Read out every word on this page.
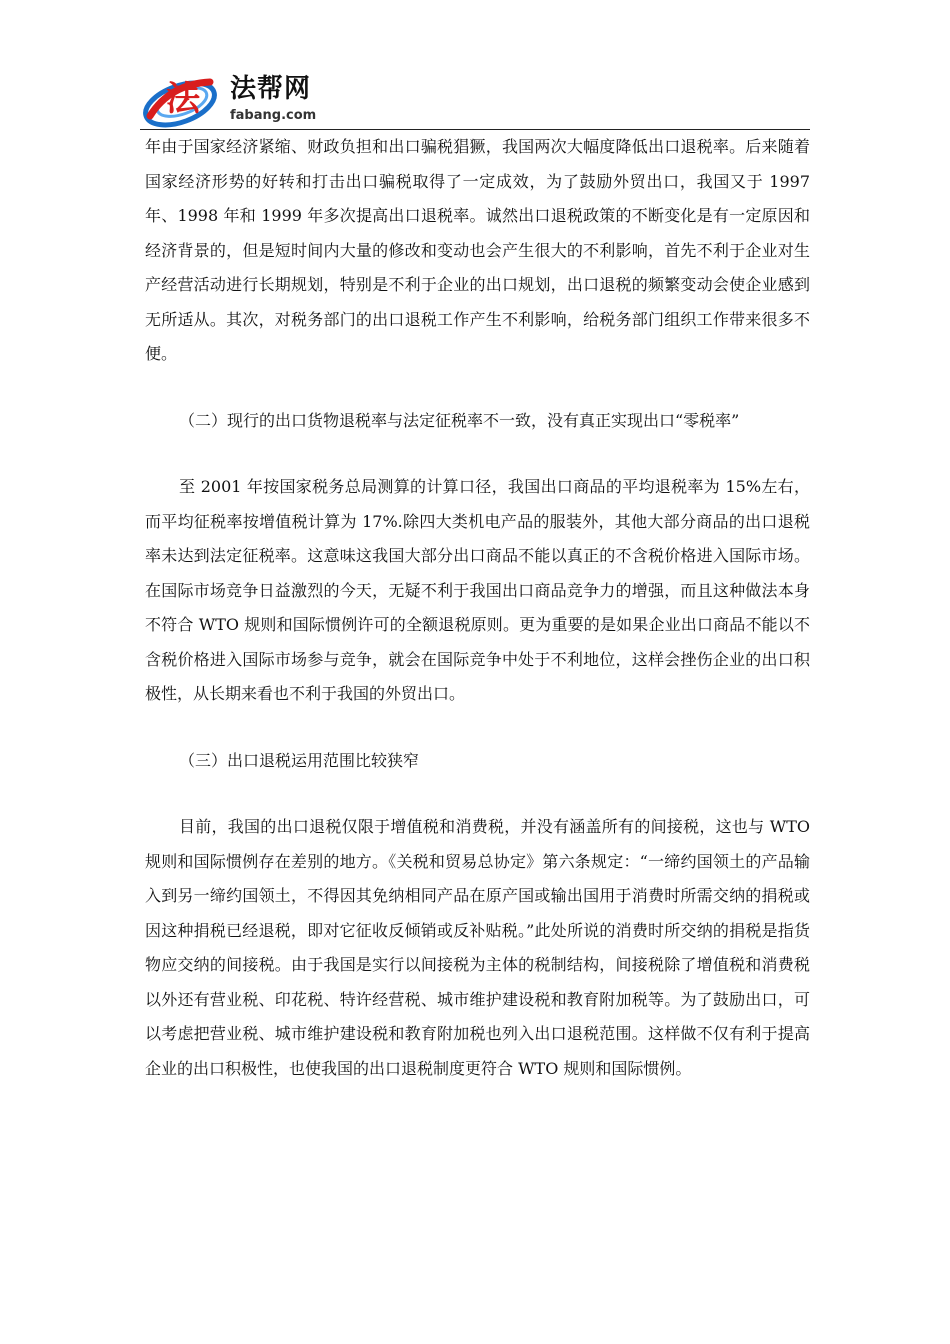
法 法帮网
fabang.com

年由于国家经济紧缩、财政负担和出口骗税猖獗，我国两次大幅度降低出口退税率。后来随着国家经济形势的好转和打击出口骗税取得了一定成效，为了鼓励外贸出口，我国又于 1997 年、1998 年和 1999 年多次提高出口退税率。诚然出口退税政策的不断变化是有一定原因和经济背景的，但是短时间内大量的修改和变动也会产生很大的不利影响，首先不利于企业对生产经营活动进行长期规划，特别是不利于企业的出口规划，出口退税的频繁变动会使企业感到无所适从。其次，对税务部门的出口退税工作产生不利影响，给税务部门组织工作带来很多不便。

（二）现行的出口货物退税率与法定征税率不一致，没有真正实现出口“零税率”

至 2001 年按国家税务总局测算的计算口径，我国出口商品的平均退税率为 15%左右，而平均征税率按增值税计算为 17%.除四大类机电产品的服装外，其他大部分商品的出口退税率未达到法定征税率。这意味这我国大部分出口商品不能以真正的不含税价格进入国际市场。在国际市场竞争日益激烈的今天，无疑不利于我国出口商品竞争力的增强，而且这种做法本身不符合 WTO 规则和国际惯例许可的全额退税原则。更为重要的是如果企业出口商品不能以不含税价格进入国际市场参与竞争，就会在国际竞争中处于不利地位，这样会挫伤企业的出口积极性，从长期来看也不利于我国的外贸出口。

（三）出口退税运用范围比较狭窄

目前，我国的出口退税仅限于增值税和消费税，并没有涵盖所有的间接税，这也与 WTO 规则和国际惯例存在差别的地方。《关税和贸易总协定》第六条规定：“一缔约国领土的产品输入到另一缔约国领土，不得因其免纳相同产品在原产国或输出国用于消费时所需交纳的捐税或因这种捐税已经退税，即对它征收反倾销或反补贴税。”此处所说的消费时所交纳的捐税是指货物应交纳的间接税。由于我国是实行以间接税为主体的税制结构，间接税除了增值税和消费税以外还有营业税、印花税、特许经营税、城市维护建设税和教育附加税等。为了鼓励出口，可以考虑把营业税、城市维护建设税和教育附加税也列入出口退税范围。这样做不仅有利于提高企业的出口积极性，也使我国的出口退税制度更符合 WTO 规则和国际惯例。
